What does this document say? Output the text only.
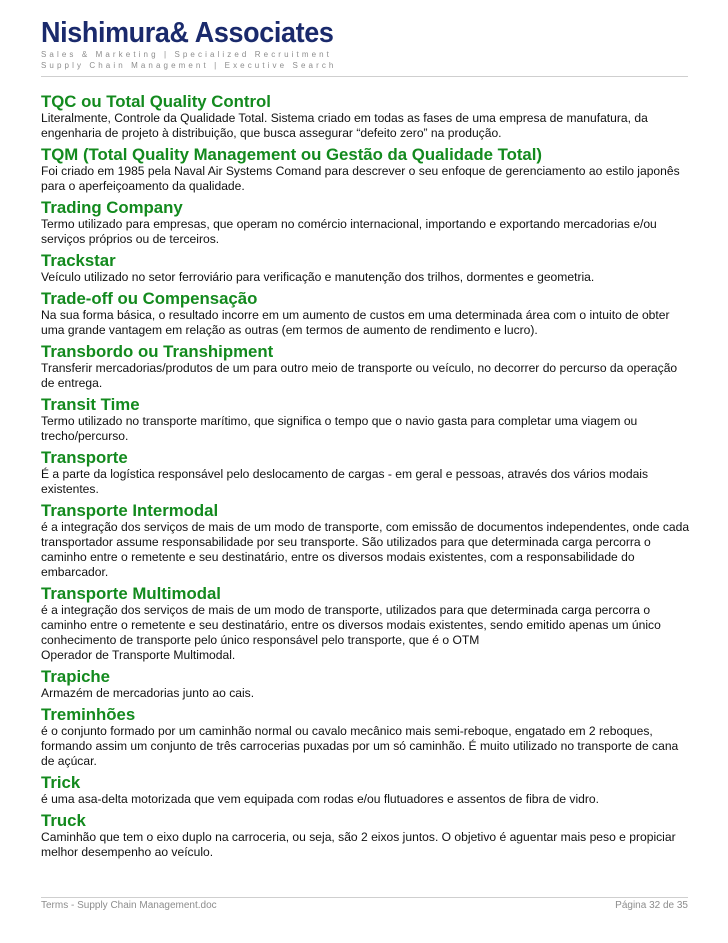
Nishimura& Associates
Sales & Marketing | Specialized Recruitment
Supply Chain Management | Executive Search
TQC ou Total Quality Control
Literalmente, Controle da Qualidade Total. Sistema criado em todas as fases de uma empresa de manufatura, da
engenharia de projeto à distribuição, que busca assegurar “defeito zero” na produção.
TQM (Total Quality Management ou Gestão da Qualidade Total)
Foi criado em 1985 pela Naval Air Systems Comand para descrever o seu enfoque de gerenciamento ao estilo japonês
para o aperfeiçoamento da qualidade.
Trading Company
Termo utilizado para empresas, que operam no comércio internacional, importando e exportando mercadorias e/ou
serviços próprios ou de terceiros.
Trackstar
Veículo utilizado no setor ferroviário para verificação e manutenção dos trilhos, dormentes e geometria.
Trade-off ou Compensação
Na sua forma básica, o resultado incorre em um aumento de custos em uma determinada área com o intuito de obter
uma grande vantagem em relação as outras (em termos de aumento de rendimento e lucro).
Transbordo ou Transhipment
Transferir mercadorias/produtos de um para outro meio de transporte ou veículo, no decorrer do percurso da operação
de entrega.
Transit Time
Termo utilizado no transporte marítimo, que significa o tempo que o navio gasta para completar uma viagem ou
trecho/percurso.
Transporte
É a parte da logística responsável pelo deslocamento de cargas - em geral e pessoas, através dos vários modais
existentes.
Transporte Intermodal
é a integração dos serviços de mais de um modo de transporte, com emissão de documentos independentes, onde cada
transportador assume responsabilidade por seu transporte. São utilizados para que determinada carga percorra o
caminho entre o remetente e seu destinatário, entre os diversos modais existentes, com a responsabilidade do
embarcador.
Transporte Multimodal
é a integração dos serviços de mais de um modo de transporte, utilizados para que determinada carga percorra o
caminho entre o remetente e seu destinatário, entre os diversos modais existentes, sendo emitido apenas um único
conhecimento de transporte pelo único responsável pelo transporte, que é o OTM
Operador de Transporte Multimodal.
Trapiche
Armazém de mercadorias junto ao cais.
Treminhões
é o conjunto formado por um caminhão normal ou cavalo mecânico mais semi-reboque, engatado em 2 reboques,
formando assim um conjunto de três carrocerias puxadas por um só caminhão. É muito utilizado no transporte de cana
de açúcar.
Trick
é uma asa-delta motorizada que vem equipada com rodas e/ou flutuadores e assentos de fibra de vidro.
Truck
Caminhão que tem o eixo duplo na carroceria, ou seja, são 2 eixos juntos. O objetivo é aguentar mais peso e propiciar
melhor desempenho ao veículo.
Terms - Supply Chain Management.doc	Página 32 de 35
